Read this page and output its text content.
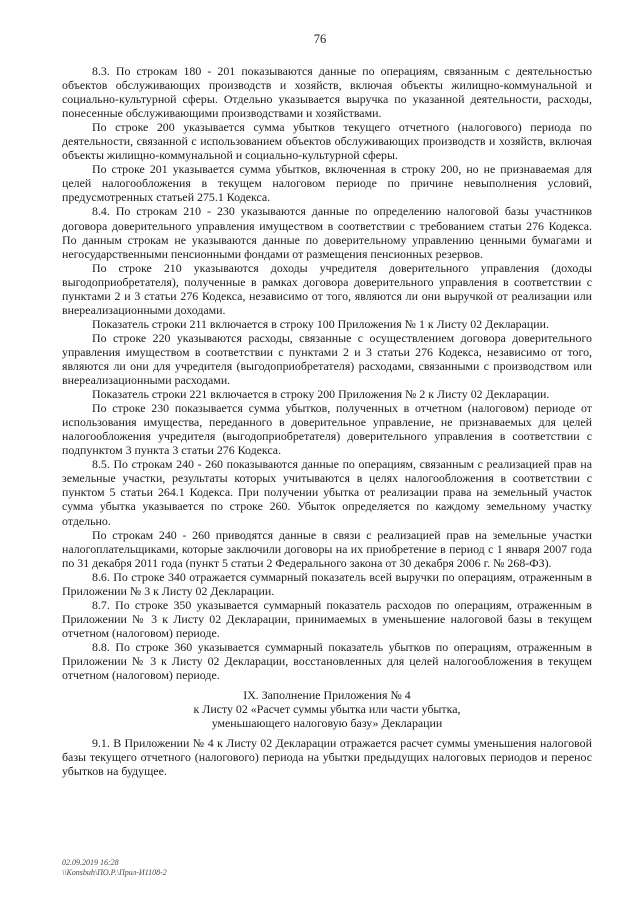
76

8.3. По строкам 180 - 201 показываются данные по операциям, связанным с деятельностью объектов обслуживающих производств и хозяйств, включая объекты жилищно-коммунальной и социально-культурной сферы. Отдельно указывается выручка по указанной деятельности, расходы, понесенные обслуживающими производствами и хозяйствами.

По строке 200 указывается сумма убытков текущего отчетного (налогового) периода по деятельности, связанной с использованием объектов обслуживающих производств и хозяйств, включая объекты жилищно-коммунальной и социально-культурной сферы.

По строке 201 указывается сумма убытков, включенная в строку 200, но не признаваемая для целей налогообложения в текущем налоговом периоде по причине невыполнения условий, предусмотренных статьей 275.1 Кодекса.

8.4. По строкам 210 - 230 указываются данные по определению налоговой базы участников договора доверительного управления имуществом в соответствии с требованием статьи 276 Кодекса. По данным строкам не указываются данные по доверительному управлению ценными бумагами и негосударственными пенсионными фондами от размещения пенсионных резервов.

По строке 210 указываются доходы учредителя доверительного управления (доходы выгодоприобретателя), полученные в рамках договора доверительного управления в соответствии с пунктами 2 и 3 статьи 276 Кодекса, независимо от того, являются ли они выручкой от реализации или внереализационными доходами.

Показатель строки 211 включается в строку 100 Приложения № 1 к Листу 02 Декларации.

По строке 220 указываются расходы, связанные с осуществлением договора доверительного управления имуществом в соответствии с пунктами 2 и 3 статьи 276 Кодекса, независимо от того, являются ли они для учредителя (выгодоприобретателя) расходами, связанными с производством или внереализационными расходами.

Показатель строки 221 включается в строку 200 Приложения № 2 к Листу 02 Декларации.

По строке 230 показывается сумма убытков, полученных в отчетном (налоговом) периоде от использования имущества, переданного в доверительное управление, не признаваемых для целей налогообложения учредителя (выгодоприобретателя) доверительного управления в соответствии с подпунктом 3 пункта 3 статьи 276 Кодекса.

8.5. По строкам 240 - 260 показываются данные по операциям, связанным с реализацией прав на земельные участки, результаты которых учитываются в целях налогообложения в соответствии с пунктом 5 статьи 264.1 Кодекса. При получении убытка от реализации права на земельный участок сумма убытка указывается по строке 260. Убыток определяется по каждому земельному участку отдельно.

По строкам 240 - 260 приводятся данные в связи с реализацией прав на земельные участки налогоплательщиками, которые заключили договоры на их приобретение в период с 1 января 2007 года по 31 декабря 2011 года (пункт 5 статьи 2 Федерального закона от 30 декабря 2006 г. № 268-ФЗ).

8.6. По строке 340 отражается суммарный показатель всей выручки по операциям, отраженным в Приложении № 3 к Листу 02 Декларации.

8.7. По строке 350 указывается суммарный показатель расходов по операциям, отраженным в Приложении № 3 к Листу 02 Декларации, принимаемых в уменьшение налоговой базы в текущем отчетном (налоговом) периоде.

8.8. По строке 360 указывается суммарный показатель убытков по операциям, отраженным в Приложении № 3 к Листу 02 Декларации, восстановленных для целей налогообложения в текущем отчетном (налоговом) периоде.

IX. Заполнение Приложения № 4

к Листу 02 «Расчет суммы убытка или части убытка,

уменьшающего налоговую базу» Декларации

9.1. В Приложении № 4 к Листу 02 Декларации отражается расчет суммы уменьшения налоговой базы текущего отчетного (налогового) периода на убытки предыдущих налоговых периодов и перенос убытков на будущее.

02.09.2019 16:28
\\Konsbuh\ПО.Р.\Прил-И1108-2
